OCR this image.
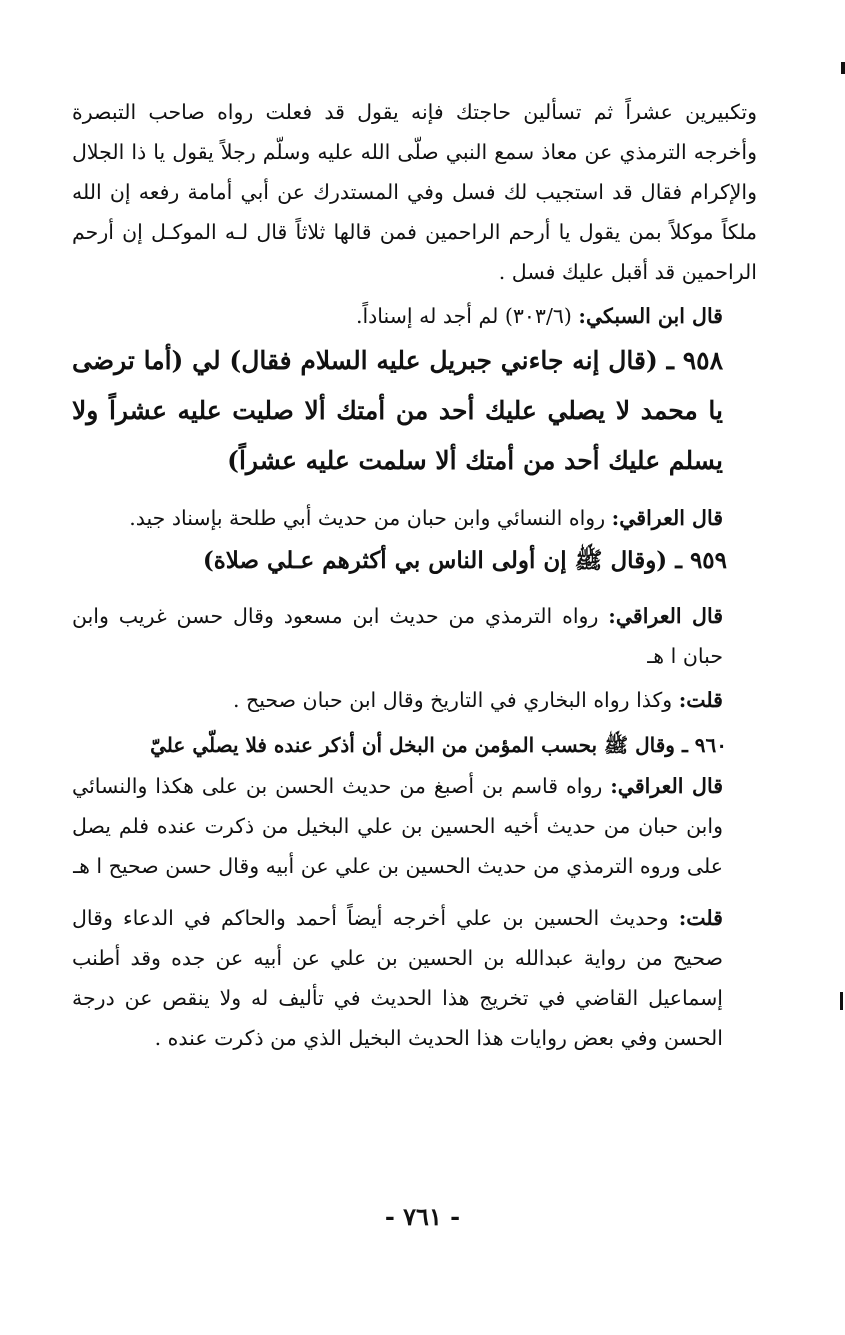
وتكبيرين عشراً ثم تسألين حاجتك فإنه يقول قد فعلت رواه صاحب التبصرة وأخرجه الترمذي عن معاذ سمع النبي صلّى الله عليه وسلّم رجلاً يقول يا ذا الجلال والإكرام فقال قد استجيب لك فسل وفي المستدرك عن أبي أمامة رفعه إن الله ملكاً موكلاً بمن يقول يا أرحم الراحمين فمن قالها ثلاثاً قال لـه الموكـل إن أرحم الراحمين قد أقبل عليك فسل .

قال ابن السبكي: (٣٠٣/٦) لم أجد له إسناداً.

٩٥٨ ـ (قال إنه جاءني جبريل عليه السلام فقال) لي (أما ترضى يا محمد لا يصلي عليك أحد من أمتك ألا صليت عليه عشراً ولا يسلم عليك أحد من أمتك ألا سلمت عليه عشراً)

قال العراقي: رواه النسائي وابن حبان من حديث أبي طلحة بإسناد جيد.

٩٥٩ ـ (وقال ﷺ إن أولى الناس بي أكثرهم عـلي صلاة)

قال العراقي: رواه الترمذي من حديث ابن مسعود وقال حسن غريب وابن حبان ا هـ

قلت: وكذا رواه البخاري في التاريخ وقال ابن حبان صحيح .

٩٦٠ ـ وقال ﷺ بحسب المؤمن من البخل أن أذكر عنده فلا يصلّي عليّ

قال العراقي: رواه قاسم بن أصبغ من حديث الحسن بن على هكذا والنسائي وابن حبان من حديث أخيه الحسين بن علي البخيل من ذكرت عنده فلم يصل على وروه الترمذي من حديث الحسين بن علي عن أبيه وقال حسن صحيح ا هـ

قلت: وحديث الحسين بن علي أخرجه أيضاً أحمد والحاكم في الدعاء وقال صحيح من رواية عبدالله بن الحسين بن علي عن أبيه عن جده وقد أطنب إسماعيل القاضي في تخريج هذا الحديث في تأليف له ولا ينقص عن درجة الحسن وفي بعض روايات هذا الحديث البخيل الذي من ذكرت عنده .

- ٧٦١ -
